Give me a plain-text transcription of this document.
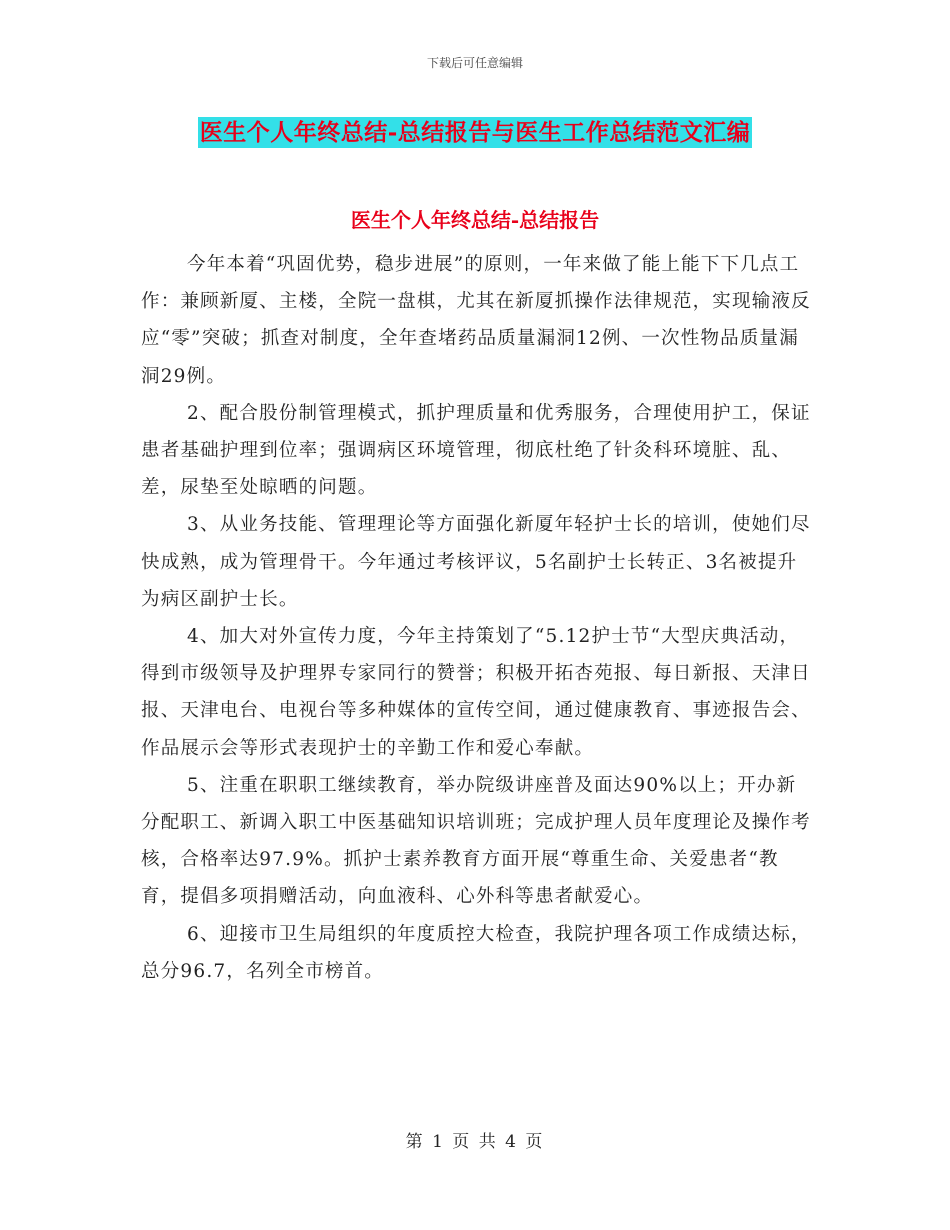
下载后可任意编辑
医生个人年终总结-总结报告与医生工作总结范文汇编
医生个人年终总结-总结报告

今年本着“巩固优势，稳步进展”的原则，一年来做了能上能下下几点工作：兼顾新厦、主楼，全院一盘棋，尤其在新厦抓操作法律规范，实现输液反应“零”突破；抓查对制度，全年查堵药品质量漏洞12例、一次性物品质量漏洞29例。

2、配合股份制管理模式，抓护理质量和优秀服务，合理使用护工，保证患者基础护理到位率；强调病区环境管理，彻底杜绝了针灸科环境脏、乱、差，尿垫至处晾晒的问题。

3、从业务技能、管理理论等方面强化新厦年轻护士长的培训，使她们尽快成熟，成为管理骨干。今年通过考核评议，5名副护士长转正、3名被提升为病区副护士长。

4、加大对外宣传力度，今年主持策划了“5.12护士节“大型庆典活动，得到市级领导及护理界专家同行的赞誉；积极开拓杏苑报、每日新报、天津日报、天津电台、电视台等多种媒体的宣传空间，通过健康教育、事迹报告会、作品展示会等形式表现护士的辛勤工作和爱心奉献。

5、注重在职职工继续教育，举办院级讲座普及面达90%以上；开办新分配职工、新调入职工中医基础知识培训班；完成护理人员年度理论及操作考核，合格率达97.9%。抓护士素养教育方面开展“尊重生命、关爱患者“教育，提倡多项捐赠活动，向血液科、心外科等患者献爱心。

6、迎接市卫生局组织的年度质控大检查，我院护理各项工作成绩达标，总分96.7，名列全市榜首。

第 1 页 共 4 页
